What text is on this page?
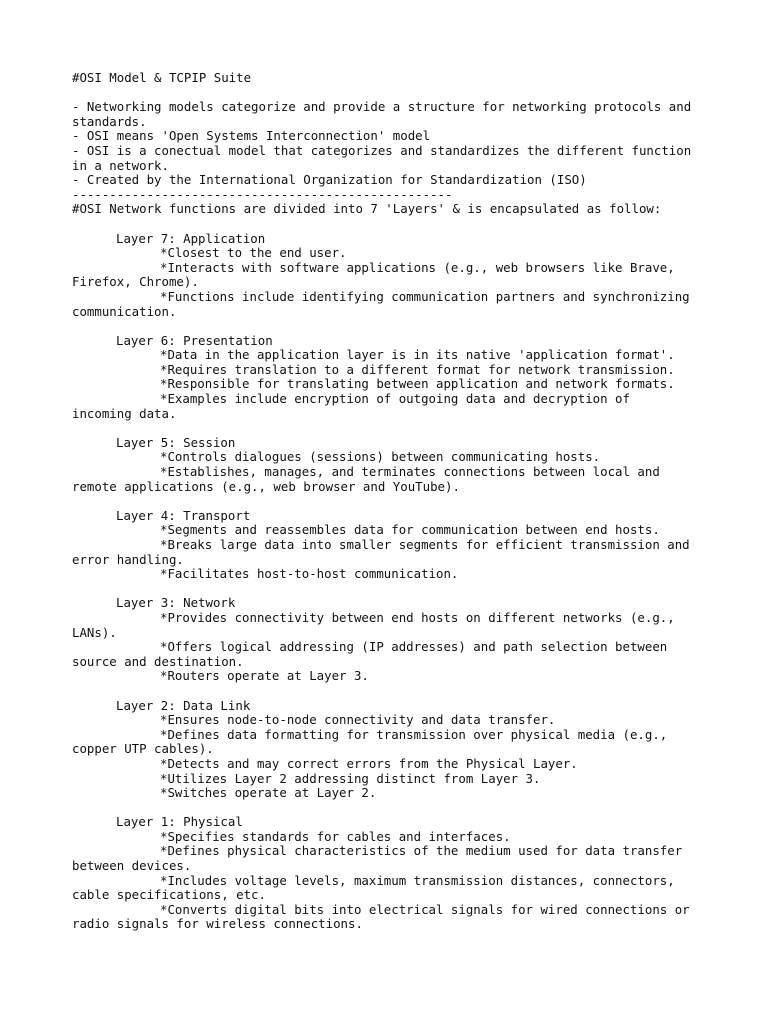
#OSI Model & TCPIP Suite
- Networking models categorize and provide a structure for networking protocols and
standards.
- OSI means 'Open Systems Interconnection' model
- OSI is a conectual model that categorizes and standardizes the different function
in a network.
- Created by the International Organization for Standardization (ISO)
---------------------------------------------------
#OSI Network functions are divided into 7 'Layers' & is encapsulated as follow:
Layer 7: Application
*Closest to the end user.
*Interacts with software applications (e.g., web browsers like Brave,
Firefox, Chrome).
*Functions include identifying communication partners and synchronizing
communication.
Layer 6: Presentation
*Data in the application layer is in its native 'application format'.
*Requires translation to a different format for network transmission.
*Responsible for translating between application and network formats.
*Examples include encryption of outgoing data and decryption of
incoming data.
Layer 5: Session
*Controls dialogues (sessions) between communicating hosts.
*Establishes, manages, and terminates connections between local and
remote applications (e.g., web browser and YouTube).
Layer 4: Transport
*Segments and reassembles data for communication between end hosts.
*Breaks large data into smaller segments for efficient transmission and
error handling.
*Facilitates host-to-host communication.
Layer 3: Network
*Provides connectivity between end hosts on different networks (e.g.,
LANs).
*Offers logical addressing (IP addresses) and path selection between
source and destination.
*Routers operate at Layer 3.
Layer 2: Data Link
*Ensures node-to-node connectivity and data transfer.
*Defines data formatting for transmission over physical media (e.g.,
copper UTP cables).
*Detects and may correct errors from the Physical Layer.
*Utilizes Layer 2 addressing distinct from Layer 3.
*Switches operate at Layer 2.
Layer 1: Physical
*Specifies standards for cables and interfaces.
*Defines physical characteristics of the medium used for data transfer
between devices.
*Includes voltage levels, maximum transmission distances, connectors,
cable specifications, etc.
*Converts digital bits into electrical signals for wired connections or
radio signals for wireless connections.
